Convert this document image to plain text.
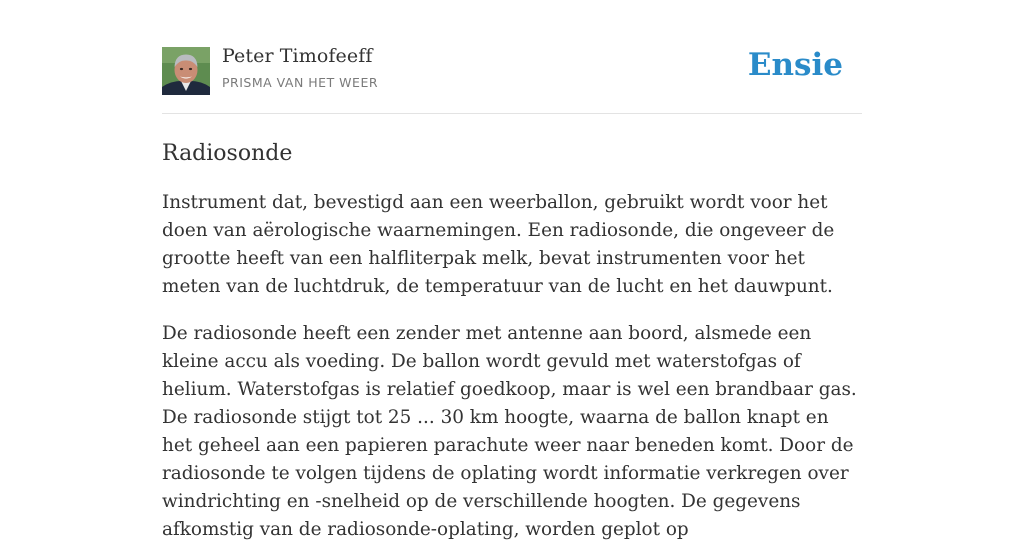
Peter Timofeeff
PRISMA VAN HET WEER	Ensie
Radiosonde

Instrument dat, bevestigd aan een weerballon, gebruikt wordt voor het doen van aërologische waarnemingen. Een radiosonde, die ongeveer de grootte heeft van een halfliterpak melk, bevat instrumenten voor het meten van de luchtdruk, de temperatuur van de lucht en het dauwpunt.

De radiosonde heeft een zender met antenne aan boord, alsmede een kleine accu als voeding. De ballon wordt gevuld met waterstofgas of helium. Waterstofgas is relatief goedkoop, maar is wel een brandbaar gas. De radiosonde stijgt tot 25 ... 30 km hoogte, waarna de ballon knapt en het geheel aan een papieren parachute weer naar beneden komt. Door de radiosonde te volgen tijdens de oplating wordt informatie verkregen over windrichting en -snelheid op de verschillende hoogten. De gegevens afkomstig van de radiosonde-oplating, worden geplot op
